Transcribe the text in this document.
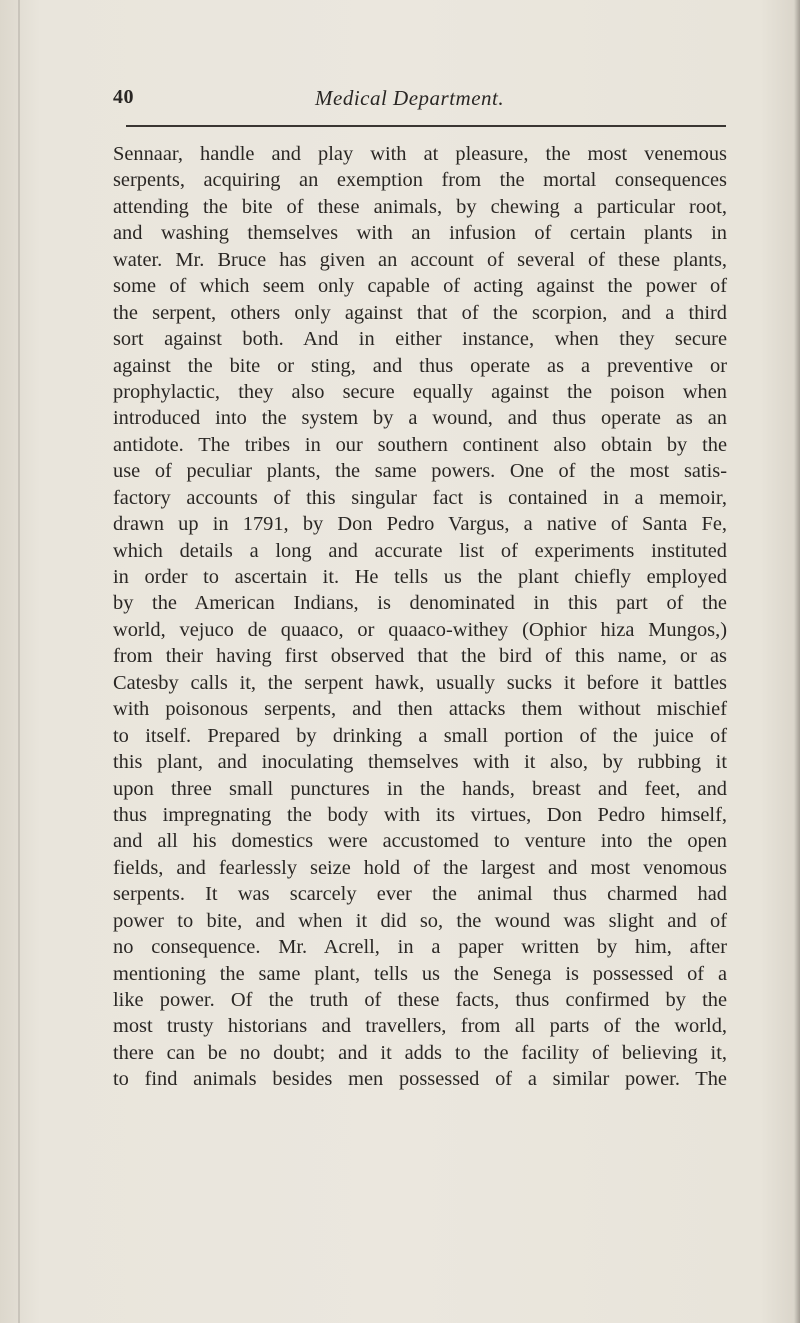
40	Medical Department.
Sennaar, handle and play with at pleasure, the most venemous
serpents, acquiring an exemption from the mortal consequences
attending the bite of these animals, by chewing a particular root,
and washing themselves with an infusion of certain plants in
water. Mr. Bruce has given an account of several of these plants,
some of which seem only capable of acting against the power of
the serpent, others only against that of the scorpion, and a third
sort against both. And in either instance, when they secure
against the bite or sting, and thus operate as a preventive or
prophylactic, they also secure equally against the poison when
introduced into the system by a wound, and thus operate as an
antidote. The tribes in our southern continent also obtain by the
use of peculiar plants, the same powers. One of the most satis-
factory accounts of this singular fact is contained in a memoir,
drawn up in 1791, by Don Pedro Vargus, a native of Santa Fe,
which details a long and accurate list of experiments instituted
in order to ascertain it. He tells us the plant chiefly employed
by the American Indians, is denominated in this part of the
world, vejuco de quaaco, or quaaco-withey (Ophior hiza Mungos,)
from their having first observed that the bird of this name, or as
Catesby calls it, the serpent hawk, usually sucks it before it battles
with poisonous serpents, and then attacks them without mischief
to itself. Prepared by drinking a small portion of the juice of
this plant, and inoculating themselves with it also, by rubbing it
upon three small punctures in the hands, breast and feet, and
thus impregnating the body with its virtues, Don Pedro himself,
and all his domestics were accustomed to venture into the open
fields, and fearlessly seize hold of the largest and most venomous
serpents. It was scarcely ever the animal thus charmed had
power to bite, and when it did so, the wound was slight and of
no consequence. Mr. Acrell, in a paper written by him, after
mentioning the same plant, tells us the Senega is possessed of a
like power. Of the truth of these facts, thus confirmed by the
most trusty historians and travellers, from all parts of the world,
there can be no doubt; and it adds to the facility of believing it,
to find animals besides men possessed of a similar power. The
